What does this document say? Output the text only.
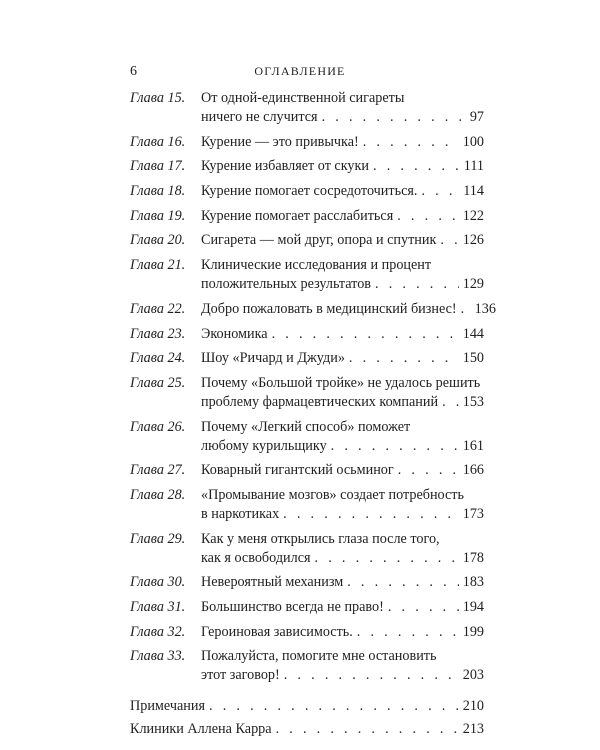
6	ОГЛАВЛЕНИЕ
Глава 15.	От одной-единственной сигареты
ничего не случится . . .	97
Глава 16.	Курение — это привычка! . . .	100
Глава 17.	Курение избавляет от скуки . . .	111
Глава 18.	Курение помогает сосредоточиться. . . .	114
Глава 19.	Курение помогает расслабиться . . .	122
Глава 20.	Сигарета — мой друг, опора и спутник . . . 126
Глава 21.	Клинические исследования и процент
положительных результатов . . .	129
Глава 22.	Добро пожаловать в медицинский бизнес! . . . 136
Глава 23.	Экономика . . .	144
Глава 24.	Шоу «Ричард и Джуди» . . .	150
Глава 25.	Почему «Большой тройке» не удалось решить
проблему фармацевтических компаний . . . 153
Глава 26.	Почему «Легкий способ» поможет
любому курильщику . . .	161
Глава 27.	Коварный гигантский осьминог . . .	166
Глава 28.	«Промывание мозгов» создает потребность
в наркотиках . . .	173
Глава 29.	Как у меня открылись глаза после того,
как я освободился . . .	178
Глава 30.	Невероятный механизм . . .	183
Глава 31.	Большинство всегда не право! . . .	194
Глава 32.	Героиновая зависимость. . . .	199
Глава 33.	Пожалуйста, помогите мне остановить
этот заговор! . . .	203
Примечания . . .	210
Клиники Аллена Карра . . .	213
